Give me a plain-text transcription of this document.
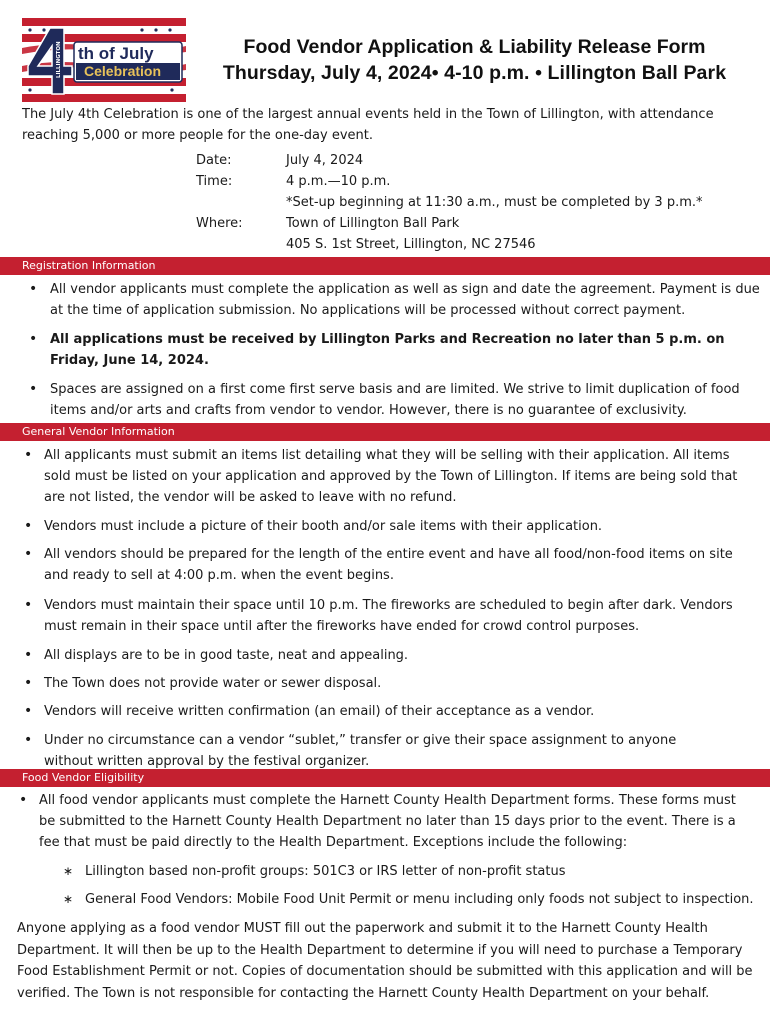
LILLINGTON th of July
Celebration
Food Vendor Application & Liability Release Form
Thursday, July 4, 2024• 4-10 p.m. • Lillington Ball Park
The July 4th Celebration is one of the largest annual events held in the Town of Lillington, with attendance reaching 5,000 or more people for the one-day event.
Date:	July 4, 2024
Time:	4 p.m.—10 p.m.
*Set-up beginning at 11:30 a.m., must be completed by 3 p.m.*
Where:	Town of Lillington Ball Park
405 S. 1st Street, Lillington, NC 27546
Registration Information
• All vendor applicants must complete the application as well as sign and date the agreement. Payment is due at the time of application submission. No applications will be processed without correct payment.
• All applications must be received by Lillington Parks and Recreation no later than 5 p.m. on Friday, June 14, 2024.
• Spaces are assigned on a first come first serve basis and are limited. We strive to limit duplication of food items and/or arts and crafts from vendor to vendor. However, there is no guarantee of exclusivity.
General Vendor Information
• All applicants must submit an items list detailing what they will be selling with their application. All items sold must be listed on your application and approved by the Town of Lillington. If items are being sold that are not listed, the vendor will be asked to leave with no refund.
• Vendors must include a picture of their booth and/or sale items with their application.
• All vendors should be prepared for the length of the entire event and have all food/non-food items on site and ready to sell at 4:00 p.m. when the event begins.
• Vendors must maintain their space until 10 p.m. The fireworks are scheduled to begin after dark. Vendors must remain in their space until after the fireworks have ended for crowd control purposes.
• All displays are to be in good taste, neat and appealing.
• The Town does not provide water or sewer disposal.
• Vendors will receive written confirmation (an email) of their acceptance as a vendor.
• Under no circumstance can a vendor “sublet,” transfer or give their space assignment to anyone without written approval by the festival organizer.
Food Vendor Eligibility
• All food vendor applicants must complete the Harnett County Health Department forms. These forms must be submitted to the Harnett County Health Department no later than 15 days prior to the event. There is a fee that must be paid directly to the Health Department. Exceptions include the following:
∗ Lillington based non-profit groups: 501C3 or IRS letter of non-profit status
∗ General Food Vendors: Mobile Food Unit Permit or menu including only foods not subject to inspection.
Anyone applying as a food vendor MUST fill out the paperwork and submit it to the Harnett County Health Department. It will then be up to the Health Department to determine if you will need to purchase a Temporary Food Establishment Permit or not. Copies of documentation should be submitted with this application and will be verified. The Town is not responsible for contacting the Harnett County Health Department on your behalf.
